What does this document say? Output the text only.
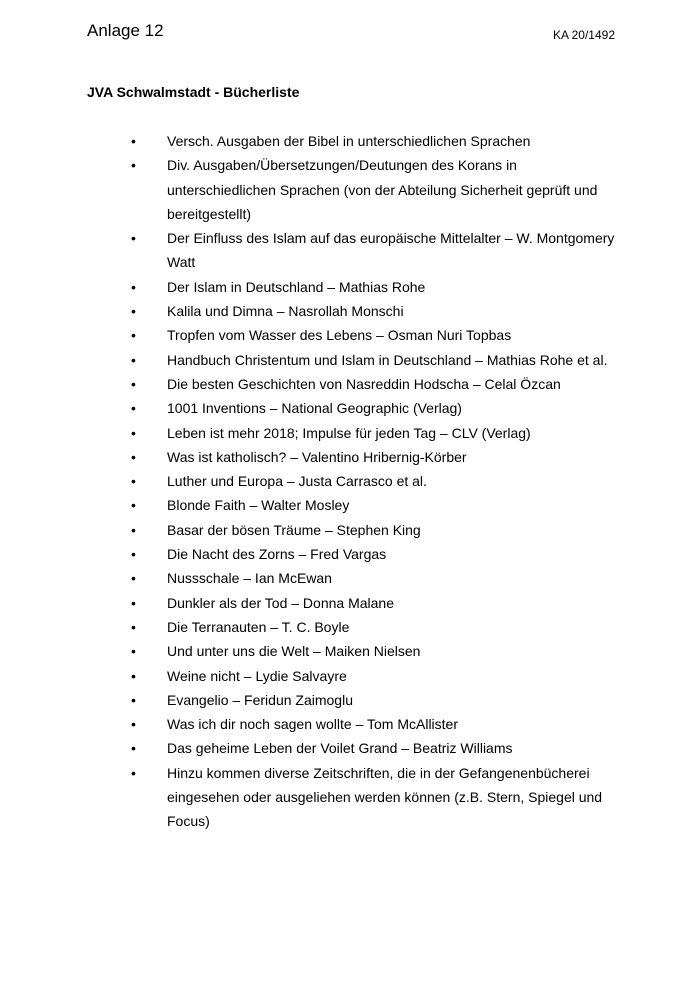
Anlage 12	KA 20/1492
JVA Schwalmstadt - Bücherliste
• Versch. Ausgaben der Bibel in unterschiedlichen Sprachen
• Div. Ausgaben/Übersetzungen/Deutungen des Korans in unterschiedlichen Sprachen (von der Abteilung Sicherheit geprüft und bereitgestellt)
• Der Einfluss des Islam auf das europäische Mittelalter – W. Montgomery Watt
• Der Islam in Deutschland – Mathias Rohe
• Kalila und Dimna – Nasrollah Monschi
• Tropfen vom Wasser des Lebens – Osman Nuri Topbas
• Handbuch Christentum und Islam in Deutschland – Mathias Rohe et al.
• Die besten Geschichten von Nasreddin Hodscha – Celal Özcan
• 1001 Inventions – National Geographic (Verlag)
• Leben ist mehr 2018; Impulse für jeden Tag – CLV (Verlag)
• Was ist katholisch? – Valentino Hribernig-Körber
• Luther und Europa – Justa Carrasco et al.
• Blonde Faith – Walter Mosley
• Basar der bösen Träume – Stephen King
• Die Nacht des Zorns – Fred Vargas
• Nussschale – Ian McEwan
• Dunkler als der Tod – Donna Malane
• Die Terranauten – T. C. Boyle
• Und unter uns die Welt – Maiken Nielsen
• Weine nicht – Lydie Salvayre
• Evangelio – Feridun Zaimoglu
• Was ich dir noch sagen wollte – Tom McAllister
• Das geheime Leben der Voilet Grand – Beatriz Williams
• Hinzu kommen diverse Zeitschriften, die in der Gefangenenbücherei eingesehen oder ausgeliehen werden können (z.B. Stern, Spiegel und Focus)
